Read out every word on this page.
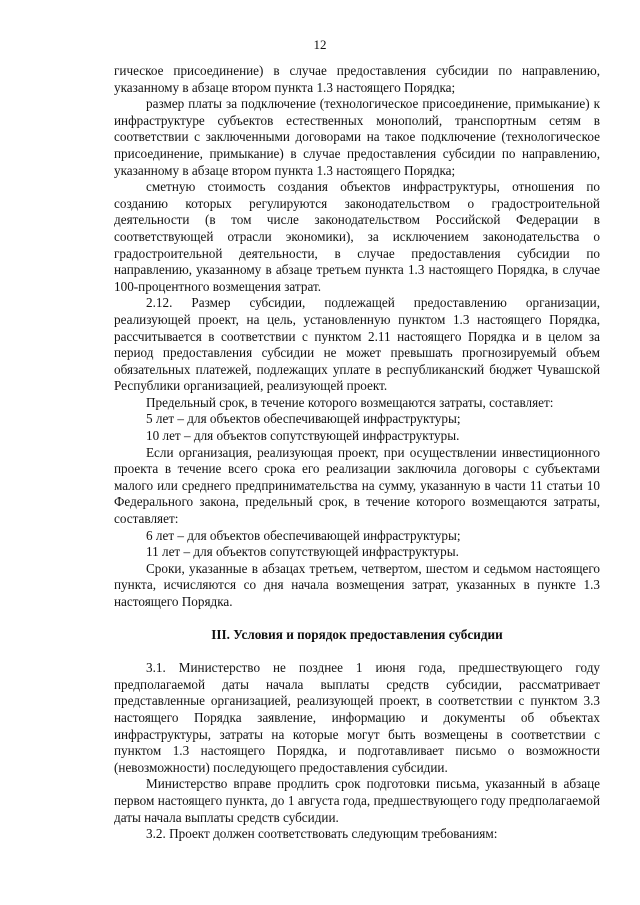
12

гическое присоединение) в случае предоставления субсидии по направлению, указанному в абзаце втором пункта 1.3 настоящего Порядка;

размер платы за подключение (технологическое присоединение, примыкание) к инфраструктуре субъектов естественных монополий, транспортным сетям в соответствии с заключенными договорами на такое подключение (технологическое присоединение, примыкание) в случае предоставления субсидии по направлению, указанному в абзаце втором пункта 1.3 настоящего Порядка;

сметную стоимость создания объектов инфраструктуры, отношения по созданию которых регулируются законодательством о градостроительной деятельности (в том числе законодательством Российской Федерации в соответствующей отрасли экономики), за исключением законодательства о градостроительной деятельности, в случае предоставления субсидии по направлению, указанному в абзаце третьем пункта 1.3 настоящего Порядка, в случае 100-процентного возмещения затрат.

2.12. Размер субсидии, подлежащей предоставлению организации, реализующей проект, на цель, установленную пунктом 1.3 настоящего Порядка, рассчитывается в соответствии с пунктом 2.11 настоящего Порядка и в целом за период предоставления субсидии не может превышать прогнозируемый объем обязательных платежей, подлежащих уплате в республиканский бюджет Чувашской Республики организацией, реализующей проект.

Предельный срок, в течение которого возмещаются затраты, составляет:

5 лет – для объектов обеспечивающей инфраструктуры;

10 лет – для объектов сопутствующей инфраструктуры.

Если организация, реализующая проект, при осуществлении инвестиционного проекта в течение всего срока его реализации заключила договоры с субъектами малого или среднего предпринимательства на сумму, указанную в части 11 статьи 10 Федерального закона, предельный срок, в течение которого возмещаются затраты, составляет:

6 лет – для объектов обеспечивающей инфраструктуры;

11 лет – для объектов сопутствующей инфраструктуры.

Сроки, указанные в абзацах третьем, четвертом, шестом и седьмом настоящего пункта, исчисляются со дня начала возмещения затрат, указанных в пункте 1.3 настоящего Порядка.

III. Условия и порядок предоставления субсидии

3.1. Министерство не позднее 1 июня года, предшествующего году предполагаемой даты начала выплаты средств субсидии, рассматривает представленные организацией, реализующей проект, в соответствии с пунктом 3.3 настоящего Порядка заявление, информацию и документы об объектах инфраструктуры, затраты на которые могут быть возмещены в соответствии с пунктом 1.3 настоящего Порядка, и подготавливает письмо о возможности (невозможности) последующего предоставления субсидии.

Министерство вправе продлить срок подготовки письма, указанный в абзаце первом настоящего пункта, до 1 августа года, предшествующего году предполагаемой даты начала выплаты средств субсидии.

3.2. Проект должен соответствовать следующим требованиям:
